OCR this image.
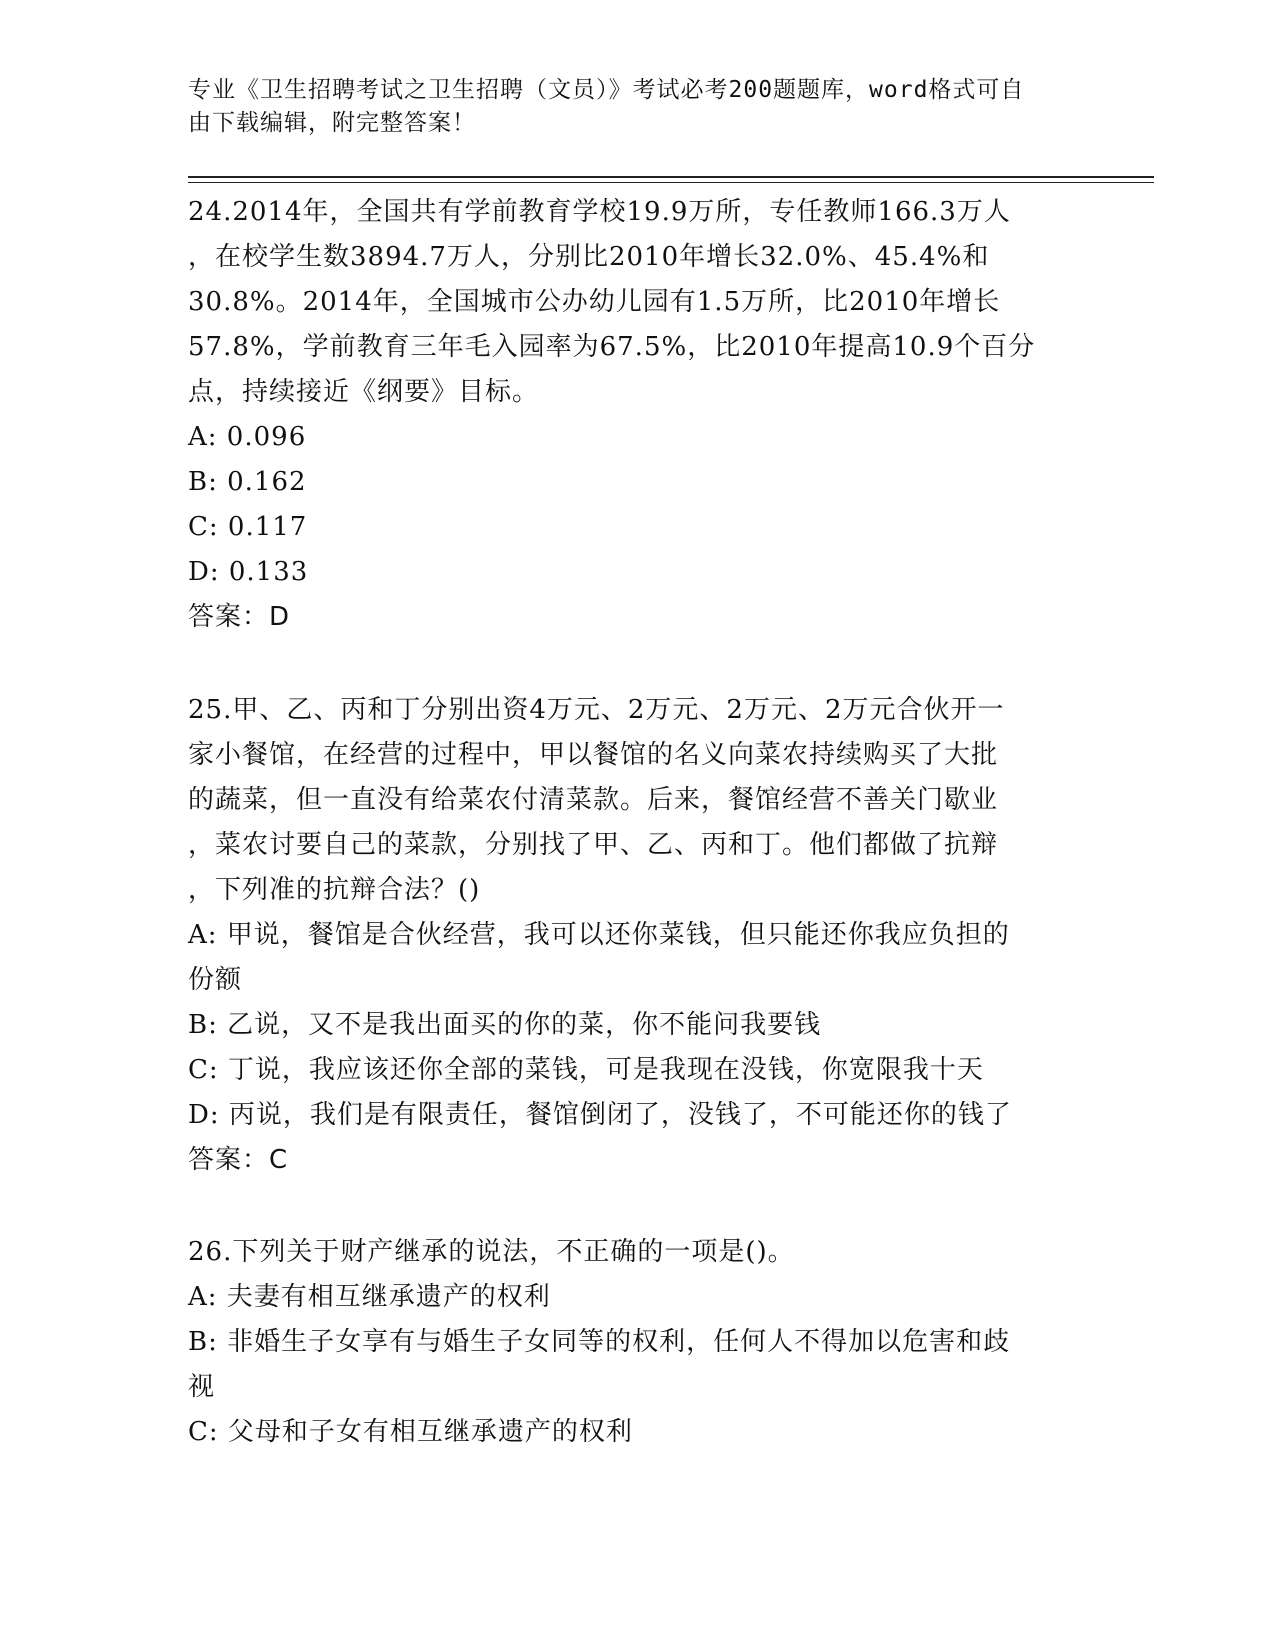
专业《卫生招聘考试之卫生招聘（文员）》考试必考200题题库，word格式可自
由下载编辑，附完整答案！
24.2014年，全国共有学前教育学校19.9万所，专任教师166.3万人
，在校学生数3894.7万人，分别比2010年增长32.0%、45.4%和
30.8%。2014年，全国城市公办幼儿园有1.5万所，比2010年增长
57.8%，学前教育三年毛入园率为67.5%，比2010年提高10.9个百分
点，持续接近《纲要》目标。
A: 0.096
B: 0.162
C: 0.117
D: 0.133
答案：D
25.甲、乙、丙和丁分别出资4万元、2万元、2万元、2万元合伙开一
家小餐馆，在经营的过程中，甲以餐馆的名义向菜农持续购买了大批
的蔬菜，但一直没有给菜农付清菜款。后来，餐馆经营不善关门歇业
，菜农讨要自己的菜款，分别找了甲、乙、丙和丁。他们都做了抗辩
，下列准的抗辩合法？()
A: 甲说，餐馆是合伙经营，我可以还你菜钱，但只能还你我应负担的
份额
B: 乙说，又不是我出面买的你的菜，你不能问我要钱
C: 丁说，我应该还你全部的菜钱，可是我现在没钱，你宽限我十天
D: 丙说，我们是有限责任，餐馆倒闭了，没钱了，不可能还你的钱了
答案：C
26.下列关于财产继承的说法，不正确的一项是()。
A: 夫妻有相互继承遗产的权利
B: 非婚生子女享有与婚生子女同等的权利，任何人不得加以危害和歧
视
C: 父母和子女有相互继承遗产的权利
